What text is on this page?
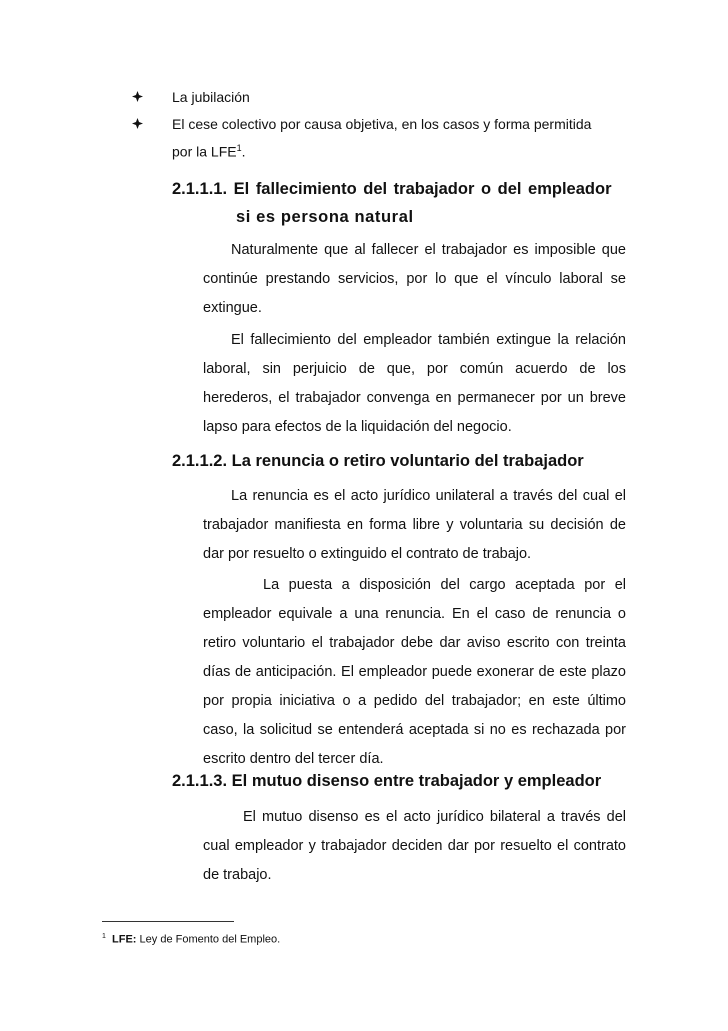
La jubilación
El cese colectivo por causa objetiva, en los casos y forma permitida
por la LFE$^1$.
2.1.1.1. El fallecimiento del trabajador o del empleador
si es persona natural

Naturalmente que al fallecer el trabajador es imposible que continúe prestando servicios, por lo que el vínculo laboral se extingue.

El fallecimiento del empleador también extingue la relación laboral, sin perjuicio de que, por común acuerdo de los herederos, el trabajador convenga en permanecer por un breve lapso para efectos de la liquidación del negocio.

2.1.1.2. La renuncia o retiro voluntario del trabajador

La renuncia es el acto jurídico unilateral a través del cual el trabajador manifiesta en forma libre y voluntaria su decisión de dar por resuelto o extinguido el contrato de trabajo.

La puesta a disposición del cargo aceptada por el empleador equivale a una renuncia. En el caso de renuncia o retiro voluntario el trabajador debe dar aviso escrito con treinta días de anticipación. El empleador puede exonerar de este plazo por propia iniciativa o a pedido del trabajador; en este último caso, la solicitud se entenderá aceptada si no es rechazada por escrito dentro del tercer día.

2.1.1.3. El mutuo disenso entre trabajador y empleador

El mutuo disenso es el acto jurídico bilateral a través del cual empleador y trabajador deciden dar por resuelto el contrato de trabajo.

$^1$ LFE: Ley de Fomento del Empleo.
